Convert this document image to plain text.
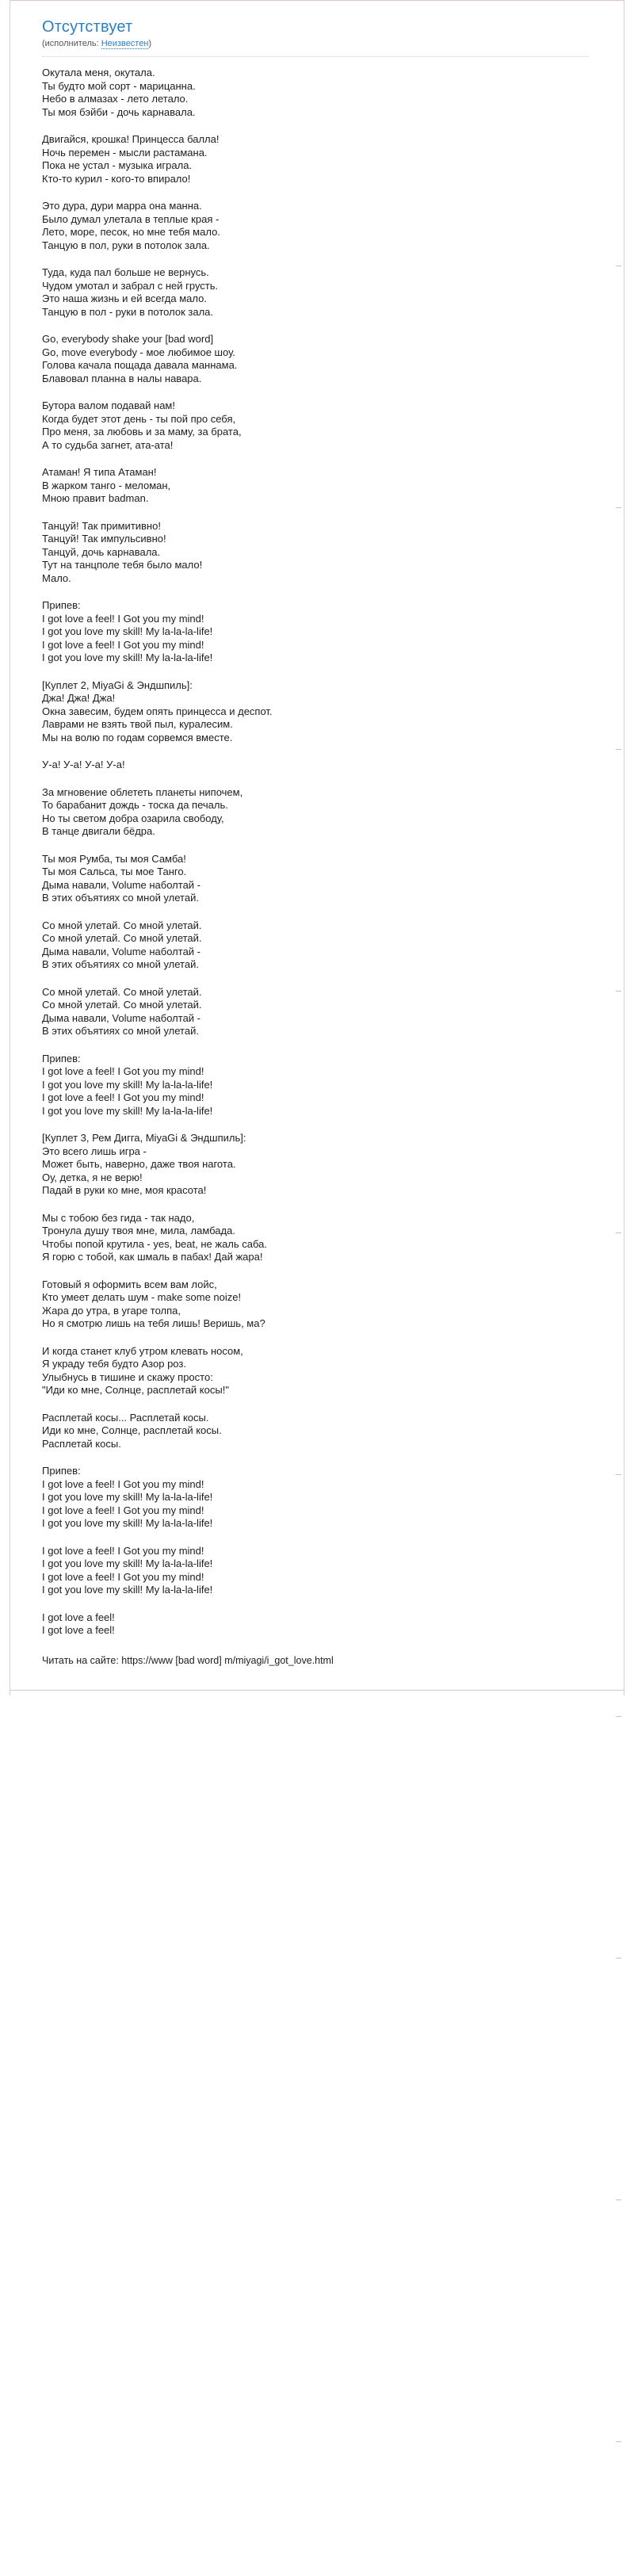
Отсутствует
(исполнитель: Неизвестен)
Окутала меня, окутала.
Ты будто мой сорт - марицанна.
Небо в алмазах - лето летало.
Ты моя бэйби - дочь карнавала.
Двигайся, крошка! Принцесса балла!
Ночь перемен - мысли растамана.
Пока не устал - музыка играла.
Кто-то курил - кого-то впирало!
Это дура, дури марра она манна.
Было думал улетала в теплые края -
Лето, море, песок, но мне тебя мало.
Танцую в пол, руки в потолок зала.
Туда, куда пал больше не вернусь.
Чудом умотал и забрал с ней грусть.
Это наша жизнь и ей всегда мало.
Танцую в пол - руки в потолок зала.
Go, everybody shake your [bad word]
Go, move everybody - мое любимое шоу.
Голова качала пощада давала маннама.
Блавовал планна в налы навара.
Бутора валом подавай нам!
Когда будет этот день - ты пой про себя,
Про меня, за любовь и за маму, за брата,
А то судьба загнет, ата-ата!
Атаман! Я типа Атаман!
В жарком танго - меломан,
Мною правит badman.
Танцуй! Так примитивно!
Танцуй! Так импульсивно!
Танцуй, дочь карнавала.
Тут на танцполе тебя было мало!
Мало.
Припев:
I got love a feel! I Got you my mind!
I got you love my skill! My la-la-la-life!
I got love a feel! I Got you my mind!
I got you love my skill! My la-la-la-life!
[Куплет 2, MiyaGi & Эндшпиль]:
Джа! Джа! Джа!
Окна завесим, будем опять принцесса и деспот.
Лаврами не взять твой пыл, куралесим.
Мы на волю по годам сорвемся вместе.
У-а! У-а! У-а! У-а!
За мгновение облететь планеты нипочем,
То барабанит дождь - тоска да печаль.
Но ты светом добра озарила свободу,
В танце двигали бёдра.
Ты моя Румба, ты моя Самба!
Ты моя Сальса, ты мое Танго.
Дыма навали, Volume наболтай -
В этих объятиях со мной улетай.
Со мной улетай. Со мной улетай.
Со мной улетай. Со мной улетай.
Дыма навали, Volume наболтай -
В этих объятиях со мной улетай.
Со мной улетай. Со мной улетай.
Со мной улетай. Со мной улетай.
Дыма навали, Volume наболтай -
В этих объятиях со мной улетай.
Припев:
I got love a feel! I Got you my mind!
I got you love my skill! My la-la-la-life!
I got love a feel! I Got you my mind!
I got you love my skill! My la-la-la-life!
[Куплет 3, Рем Дигга, MiyaGi & Эндшпиль]:
Это всего лишь игра -
Может быть, наверно, даже твоя нагота.
Оу, детка, я не верю!
Падай в руки ко мне, моя красота!
Мы с тобою без гида - так надо,
Тронула душу твоя мне, мила, ламбада.
Чтобы попой крутила - yes, beat, не жаль саба.
Я горю с тобой, как шмаль в пабах! Дай жара!
Готовый я оформить всем вам лойс,
Кто умеет делать шум - make some noize!
Жара до утра, в угаре толпа,
Но я смотрю лишь на тебя лишь! Веришь, ма?
И когда станет клуб утром клевать носом,
Я украду тебя будто Азор роз.
Улыбнусь в тишине и скажу просто:
"Иди ко мне, Солнце, расплетай косы!"
Расплетай косы... Расплетай косы.
Иди ко мне, Солнце, расплетай косы.
Расплетай косы.
Припев:
I got love a feel! I Got you my mind!
I got you love my skill! My la-la-la-life!
I got love a feel! I Got you my mind!
I got you love my skill! My la-la-la-life!
I got love a feel! I Got you my mind!
I got you love my skill! My la-la-la-life!
I got love a feel! I Got you my mind!
I got you love my skill! My la-la-la-life!
I got love a feel!
I got love a feel!
Читать на сайте: https://www [bad word] m/miyagi/i_got_love.html
